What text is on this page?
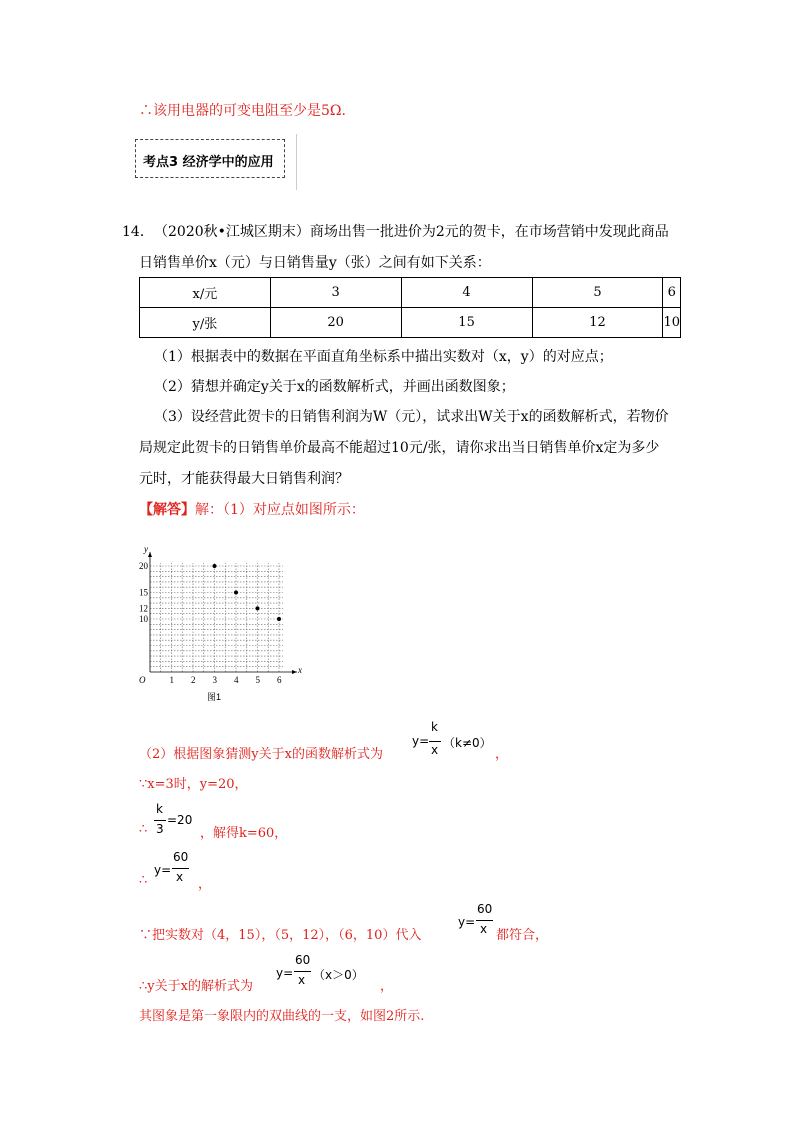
∴该用电器的可变电阻至少是5Ω.
考点3 经济学中的应用
14． （2020秋•江城区期末）商场出售一批进价为2元的贺卡，在市场营销中发现此商品
日销售单价x（元）与日销售量y（张）之间有如下关系：
x/元	3	4	5	6
y/张	20	15	12	10
（1）根据表中的数据在平面直角坐标系中描出实数对（x，y）的对应点；
（2）猜想并确定y关于x的函数解析式，并画出函数图象；
（3）设经营此贺卡的日销售利润为W（元），试求出W关于x的函数解析式，若物价
局规定此贺卡的日销售单价最高不能超过10元/张，请你求出当日销售单价x定为多少
元时，才能获得最大日销售利润？
【解答】解：（1）对应点如图所示：
x
y
O	1 2 3 4 5 6
10
12
15
20
图1
（2）根据图象猜测y关于x的函数解析式为
y=
k
x （k≠0）
，
∵x=3时，y=20，
k
3
=20
∴	，解得k=60，
∴
y=
60
x ，
∵把实数对（4，15），（5，12），（6，10）代入
y=
60
x 都符合，
∴y关于x的解析式为
y=
60
x （x＞0）
，
其图象是第一象限内的双曲线的一支，如图2所示.
